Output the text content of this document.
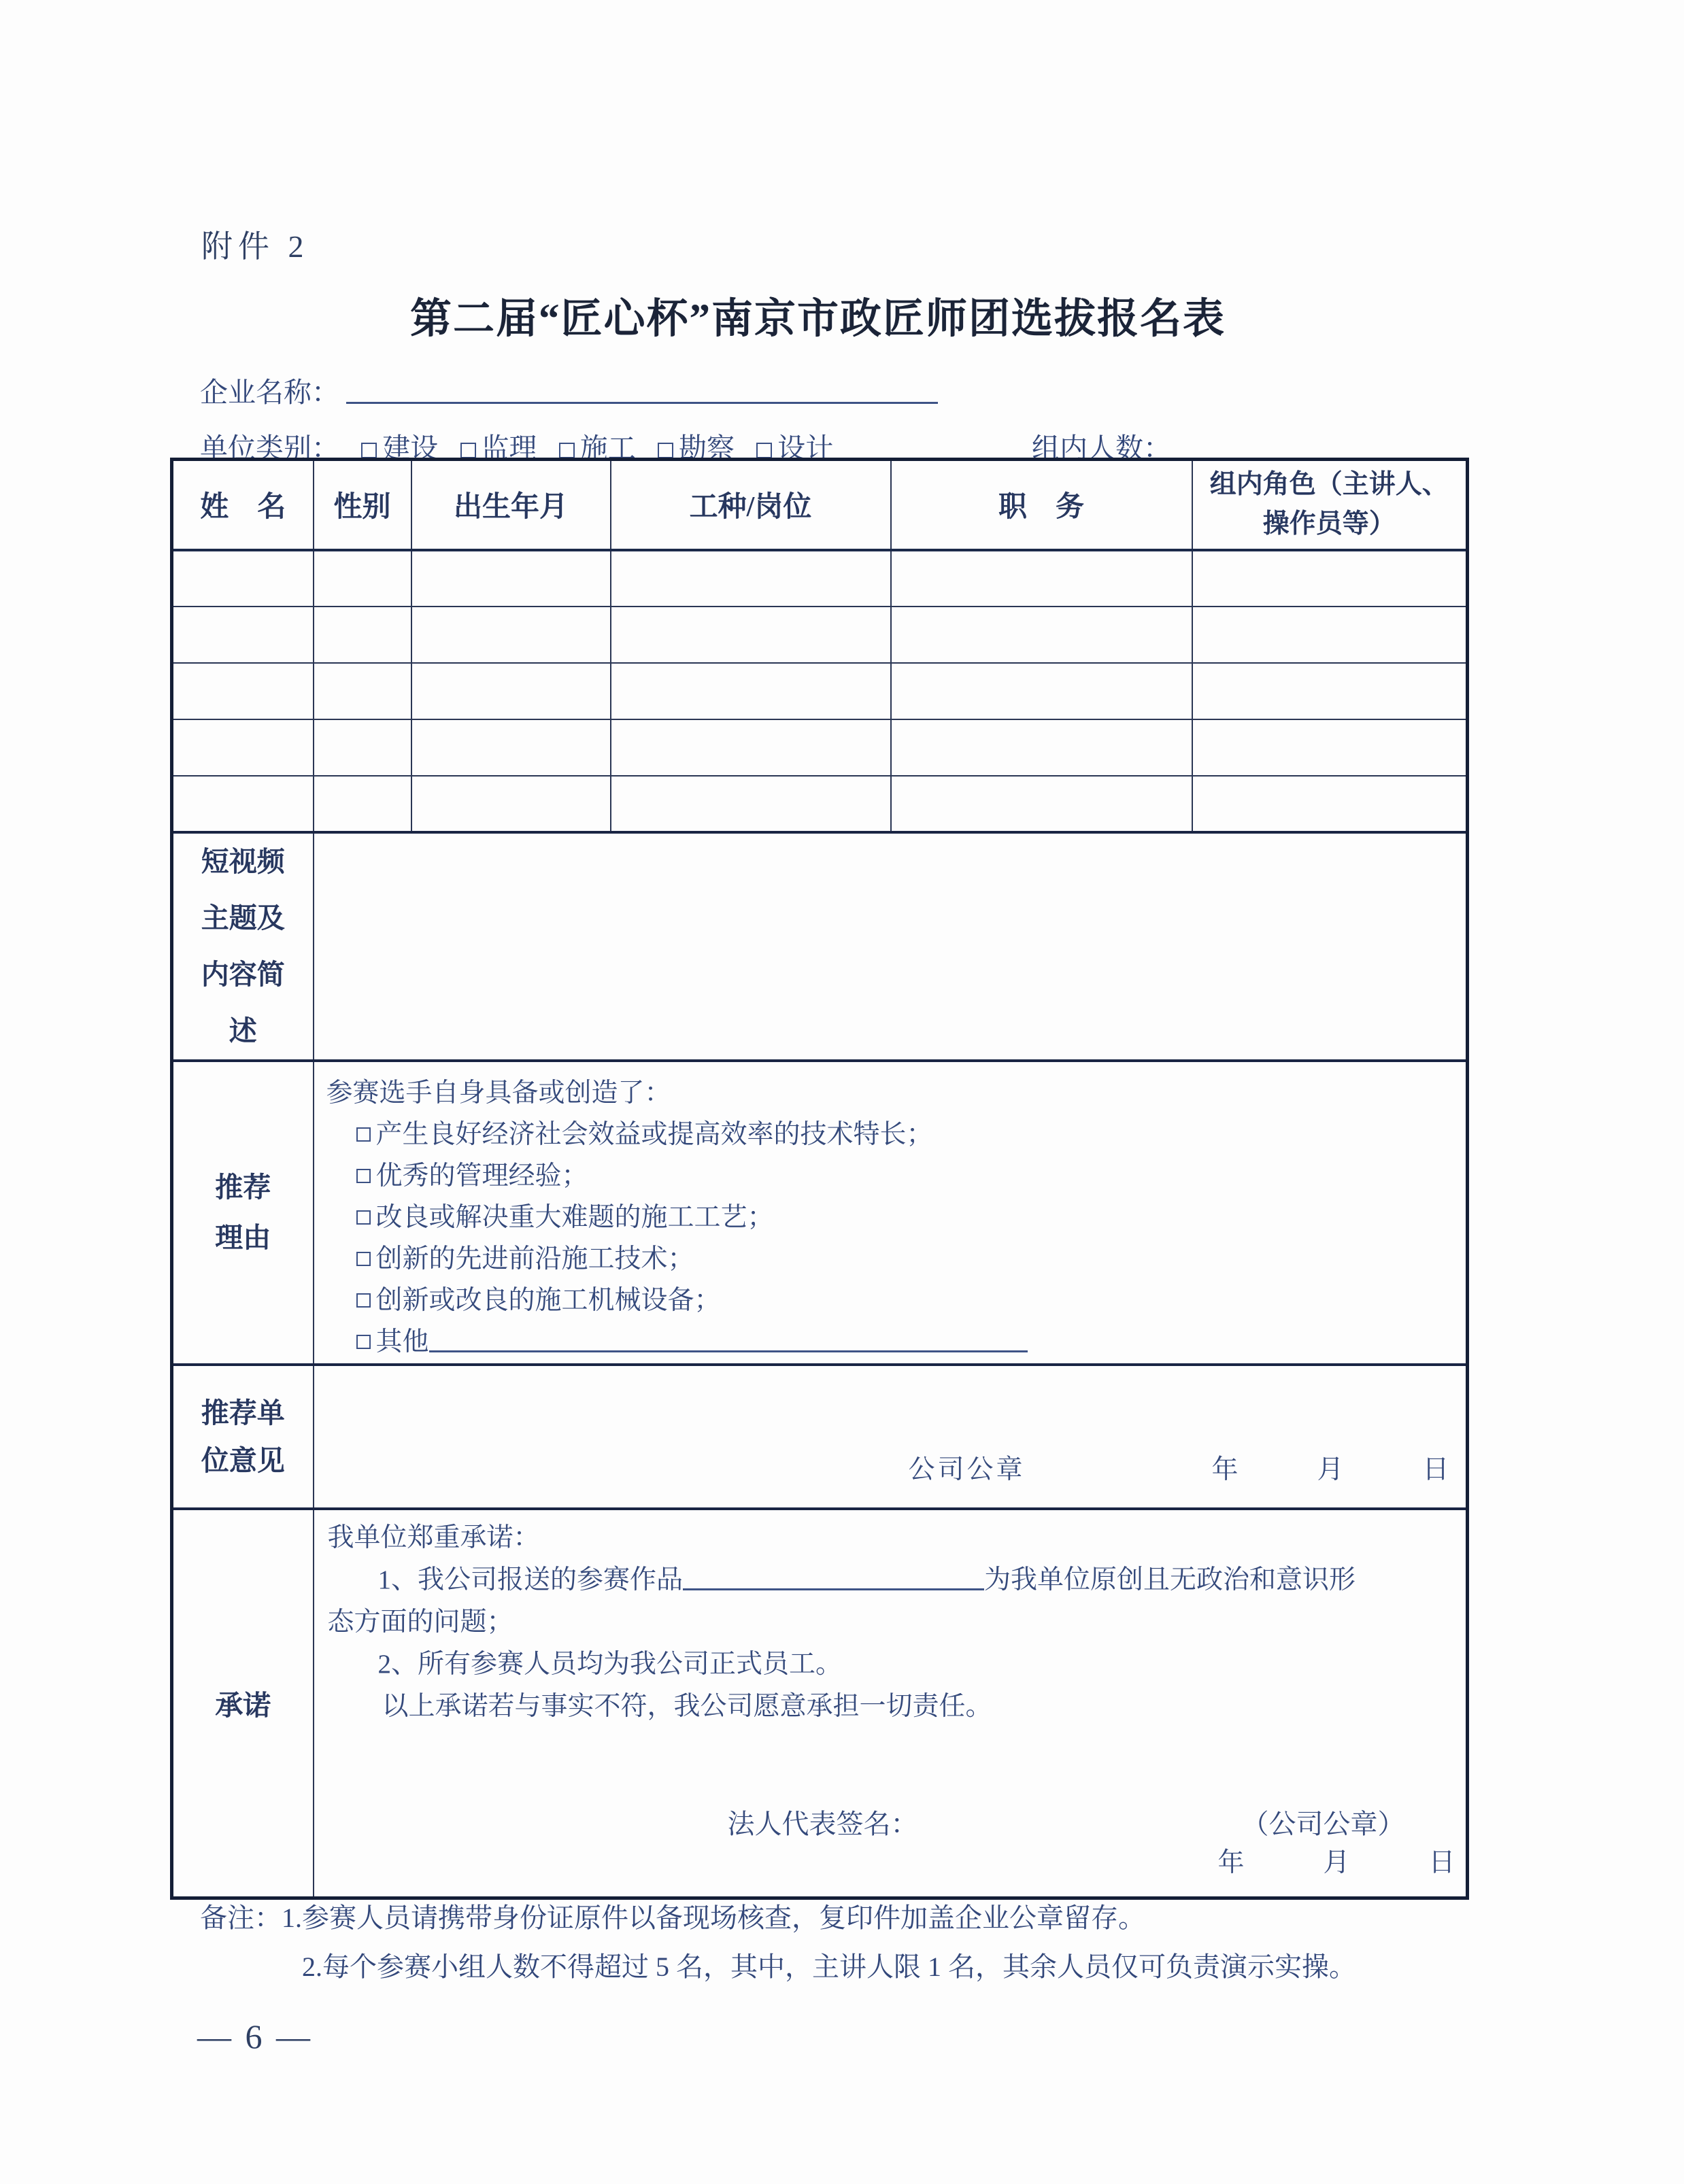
附件 2
第二届“匠心杯”南京市政匠师团选拔报名表
企业名称：
单位类别： 建设 监理 施工 勘察 设计	组内人数：
姓　名	性别	出生年月	工种/岗位	职　务	组内角色（主讲人、
操作员等）

短视频
主题及
内容简
述					

推荐
理由

参赛选手自身具备或创造了：
产生良好经济社会效益或提高效率的技术特长；
优秀的管理经验；
改良或解决重大难题的施工工艺；
创新的先进前沿施工技术；
创新或改良的施工机械设备；
其他

推荐单
位意见	公司公章	年	月	日

承诺

我单位郑重承诺：
1、我公司报送的参赛作品	为我单位原创且无政治和意识形
态方面的问题；
2、所有参赛人员均为我公司正式员工。
以上承诺若与事实不符，我公司愿意承担一切责任。
法人代表签名：	（公司公章）
年	月	日
备注：1.参赛人员请携带身份证原件以备现场核查，复印件加盖企业公章留存。
2.每个参赛小组人数不得超过 5 名，其中，主讲人限 1 名，其余人员仅可负责演示实操。
— 6 —
